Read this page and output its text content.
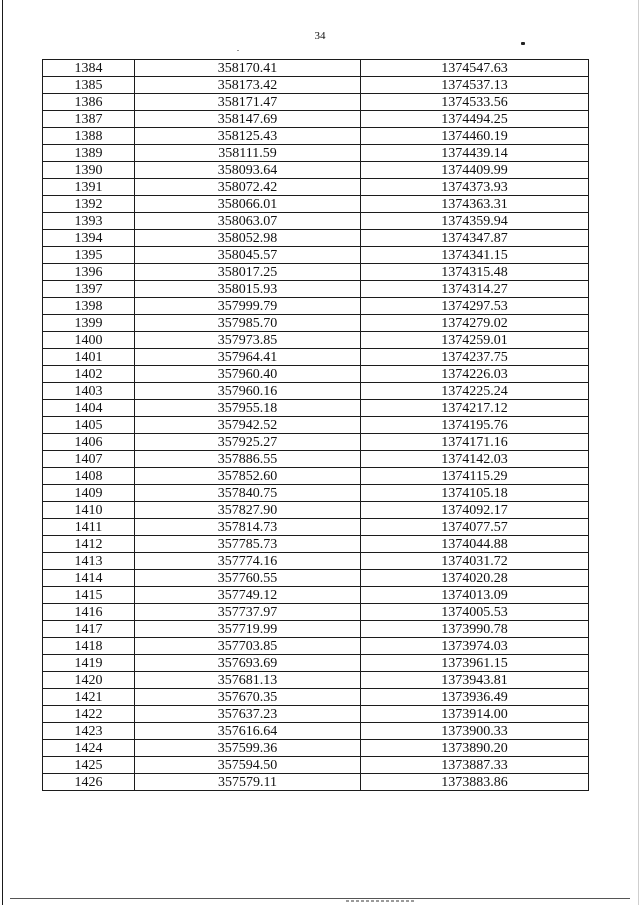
34
1384	358170.41	1374547.63
1385	358173.42	1374537.13
1386	358171.47	1374533.56
1387	358147.69	1374494.25
1388	358125.43	1374460.19
1389	358111.59	1374439.14
1390	358093.64	1374409.99
1391	358072.42	1374373.93
1392	358066.01	1374363.31
1393	358063.07	1374359.94
1394	358052.98	1374347.87
1395	358045.57	1374341.15
1396	358017.25	1374315.48
1397	358015.93	1374314.27
1398	357999.79	1374297.53
1399	357985.70	1374279.02
1400	357973.85	1374259.01
1401	357964.41	1374237.75
1402	357960.40	1374226.03
1403	357960.16	1374225.24
1404	357955.18	1374217.12
1405	357942.52	1374195.76
1406	357925.27	1374171.16
1407	357886.55	1374142.03
1408	357852.60	1374115.29
1409	357840.75	1374105.18
1410	357827.90	1374092.17
1411	357814.73	1374077.57
1412	357785.73	1374044.88
1413	357774.16	1374031.72
1414	357760.55	1374020.28
1415	357749.12	1374013.09
1416	357737.97	1374005.53
1417	357719.99	1373990.78
1418	357703.85	1373974.03
1419	357693.69	1373961.15
1420	357681.13	1373943.81
1421	357670.35	1373936.49
1422	357637.23	1373914.00
1423	357616.64	1373900.33
1424	357599.36	1373890.20
1425	357594.50	1373887.33
1426	357579.11	1373883.86
